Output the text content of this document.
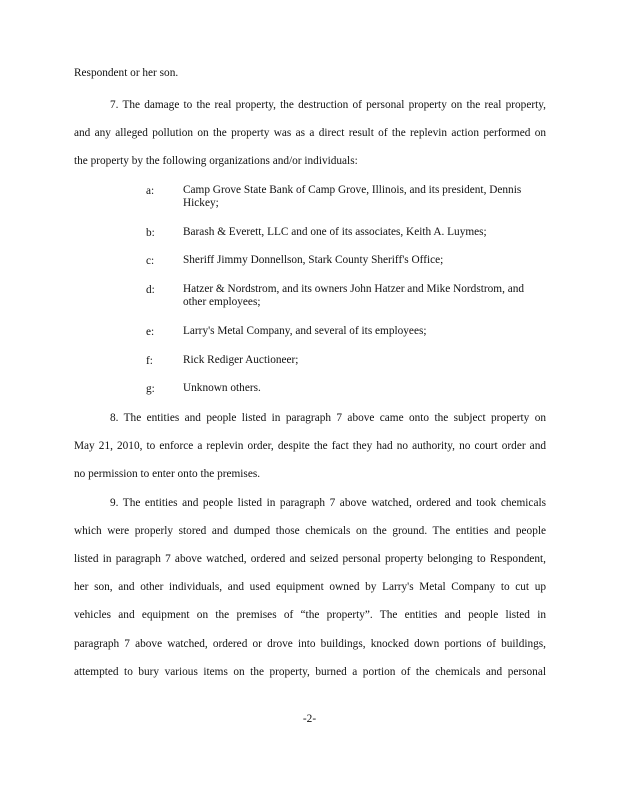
Respondent or her son.
7. The damage to the real property, the destruction of personal property on the real property,
and any alleged pollution on the property was as a direct result of the replevin action performed on
the property by the following organizations and/or individuals:
a:	Camp Grove State Bank of Camp Grove, Illinois, and its president, Dennis Hickey;
b: Barash & Everett, LLC and one of its associates, Keith A. Luymes;
c:	Sheriff Jimmy Donnellson, Stark County Sheriff's Office;
d: Hatzer & Nordstrom, and its owners John Hatzer and Mike Nordstrom, and other employees;
e:	Larry's Metal Company, and several of its employees;
f:	Rick Rediger Auctioneer;
g: Unknown others.
8. The entities and people listed in paragraph 7 above came onto the subject property on
May 21, 2010, to enforce a replevin order, despite the fact they had no authority, no court order and
no permission to enter onto the premises.
9. The entities and people listed in paragraph 7 above watched, ordered and took chemicals
which were properly stored and dumped those chemicals on the ground. The entities and people
listed in paragraph 7 above watched, ordered and seized personal property belonging to Respondent,
her son, and other individuals, and used equipment owned by Larry's Metal Company to cut up
vehicles and equipment on the premises of “the property”. The entities and people listed in
paragraph 7 above watched, ordered or drove into buildings, knocked down portions of buildings,
attempted to bury various items on the property, burned a portion of the chemicals and personal
-2-
